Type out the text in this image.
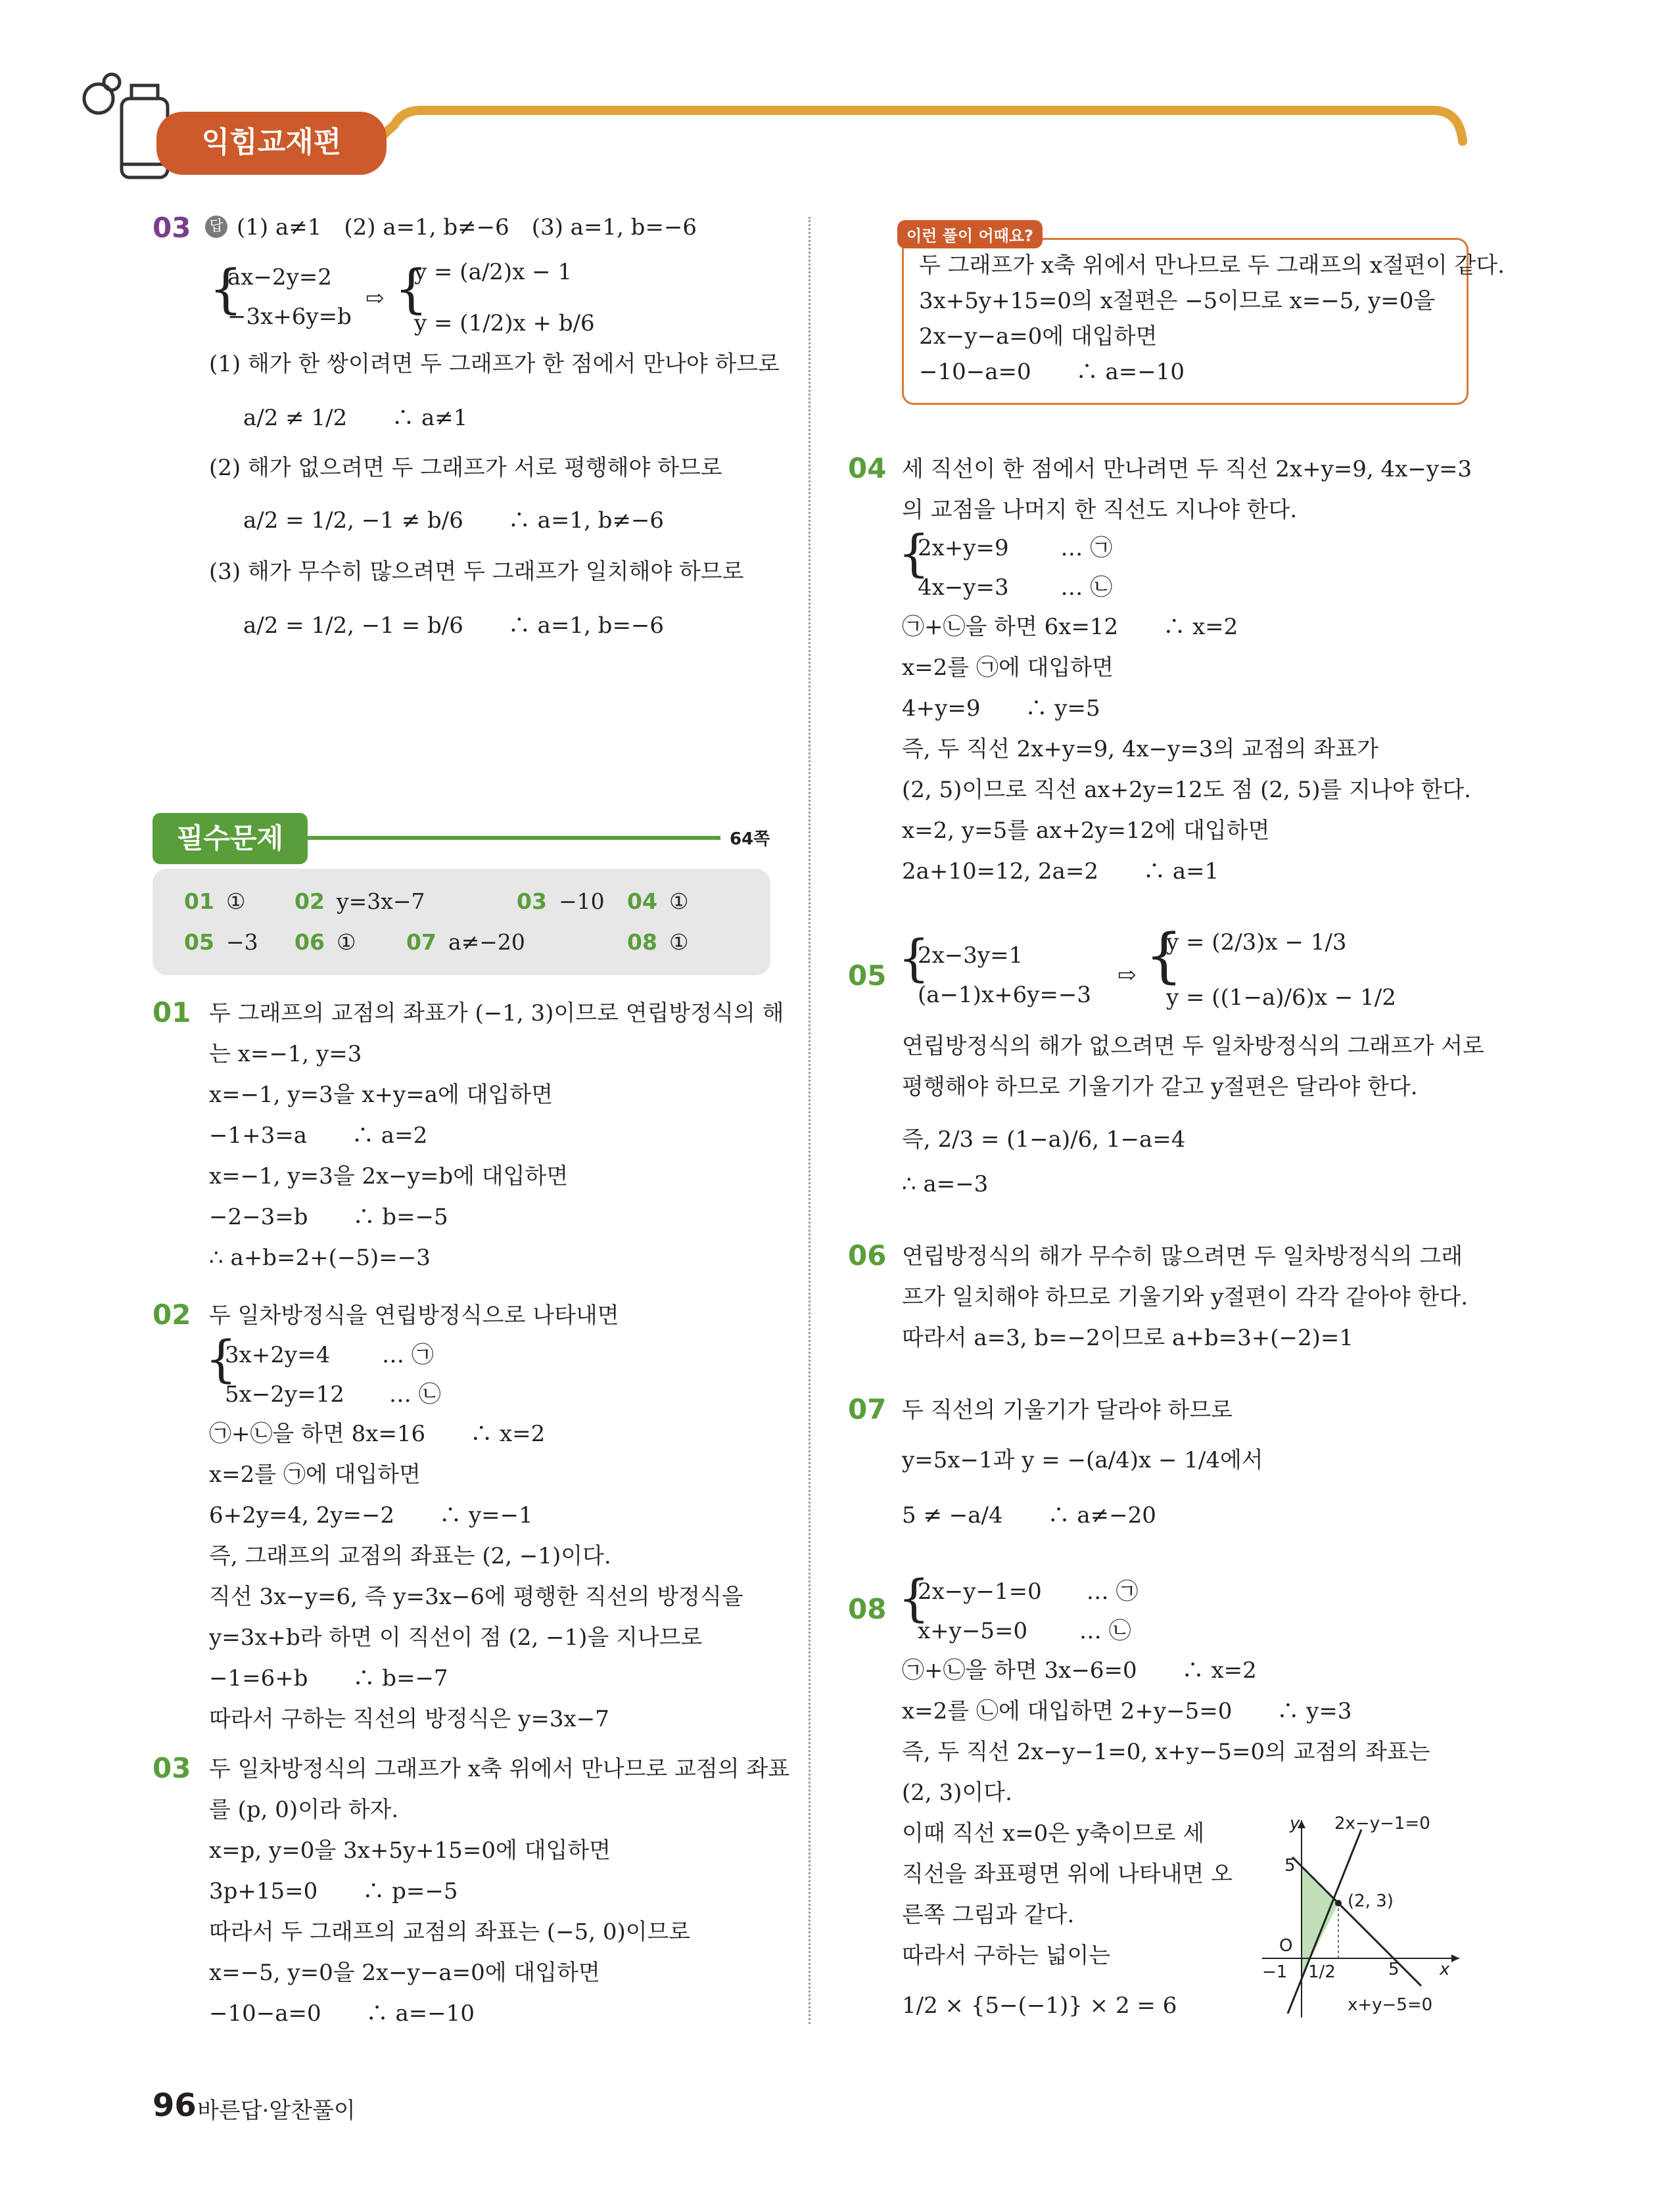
익힘교재편
03 답 (1) a≠1　(2) a=1, b≠−6　(3) a=1, b=−6
{
ax−2y=2
−3x+6y=b
⇨ {
y = (a/2)x − 1
y = (1/2)x + b/6
(1) 해가 한 쌍이려면 두 그래프가 한 점에서 만나야 하므로
a/2 ≠ 1/2　　∴ a≠1
(2) 해가 없으려면 두 그래프가 서로 평행해야 하므로
a/2 = 1/2, −1 ≠ b/6　　∴ a=1, b≠−6
(3) 해가 무수히 많으려면 두 그래프가 일치해야 하므로
a/2 = 1/2, −1 = b/6　　∴ a=1, b=−6
필수문제	64쪽
01 ① 02 y=3x−7	03 −10 04 ①
05 −3 06 ① 07 a≠−20	08 ①
01 두 그래프의 교점의 좌표가 (−1, 3)이므로 연립방정식의 해
는 x=−1, y=3
x=−1, y=3을 x+y=a에 대입하면
−1+3=a　　∴ a=2
x=−1, y=3을 2x−y=b에 대입하면
−2−3=b　　∴ b=−5
∴ a+b=2+(−5)=−3
02 두 일차방정식을 연립방정식으로 나타내면
{
3x+2y=4　　 … ㉠
5x−2y=12　　… ㉡
㉠+㉡을 하면 8x=16　　∴ x=2
x=2를 ㉠에 대입하면
6+2y=4, 2y=−2　　∴ y=−1
즉, 그래프의 교점의 좌표는 (2, −1)이다.
직선 3x−y=6, 즉 y=3x−6에 평행한 직선의 방정식을
y=3x+b라 하면 이 직선이 점 (2, −1)을 지나므로
−1=6+b　　∴ b=−7
따라서 구하는 직선의 방정식은 y=3x−7
03 두 일차방정식의 그래프가 x축 위에서 만나므로 교점의 좌표
를 (p, 0)이라 하자.
x=p, y=0을 3x+5y+15=0에 대입하면
3p+15=0　　∴ p=−5
따라서 두 그래프의 교점의 좌표는 (−5, 0)이므로
x=−5, y=0을 2x−y−a=0에 대입하면
−10−a=0　　∴ a=−10
이런 풀이 어때요?
두 그래프가 x축 위에서 만나므로 두 그래프의 x절편이 같다.
3x+5y+15=0의 x절편은 −5이므로 x=−5, y=0을
2x−y−a=0에 대입하면
−10−a=0　　∴ a=−10
04 세 직선이 한 점에서 만나려면 두 직선 2x+y=9, 4x−y=3
의 교점을 나머지 한 직선도 지나야 한다.
{
2x+y=9　　 … ㉠
4x−y=3　　 … ㉡
㉠+㉡을 하면 6x=12　　∴ x=2
x=2를 ㉠에 대입하면
4+y=9　　∴ y=5
즉, 두 직선 2x+y=9, 4x−y=3의 교점의 좌표가
(2, 5)이므로 직선 ax+2y=12도 점 (2, 5)를 지나야 한다.
x=2, y=5를 ax+2y=12에 대입하면
2a+10=12, 2a=2　　∴ a=1
05 {
2x−3y=1
(a−1)x+6y=−3
⇨ {
y = (2/3)x − 1/3
y = ((1−a)/6)x − 1/2
연립방정식의 해가 없으려면 두 일차방정식의 그래프가 서로
평행해야 하므로 기울기가 같고 y절편은 달라야 한다.
즉, 2/3 = (1−a)/6, 1−a=4
∴ a=−3
06 연립방정식의 해가 무수히 많으려면 두 일차방정식의 그래
프가 일치해야 하므로 기울기와 y절편이 각각 같아야 한다.
따라서 a=3, b=−2이므로 a+b=3+(−2)=1
07 두 직선의 기울기가 달라야 하므로
y=5x−1과 y = −(a/4)x − 1/4에서
5 ≠ −a/4　　∴ a≠−20
08 {
2x−y−1=0　　… ㉠
x+y−5=0　　 … ㉡
㉠+㉡을 하면 3x−6=0　　∴ x=2
x=2를 ㉡에 대입하면 2+y−5=0　　∴ y=3
즉, 두 직선 2x−y−1=0, x+y−5=0의 교점의 좌표는
(2, 3)이다.
이때 직선 x=0은 y축이므로 세
직선을 좌표평면 위에 나타내면 오
른쪽 그림과 같다.
따라서 구하는 넓이는
1/2 × {5−(−1)} × 2 = 6
y 2x−y−1=0
5
(2, 3)
O
−1 1/2	5 x
x+y−5=0
96 바른답·알찬풀이
